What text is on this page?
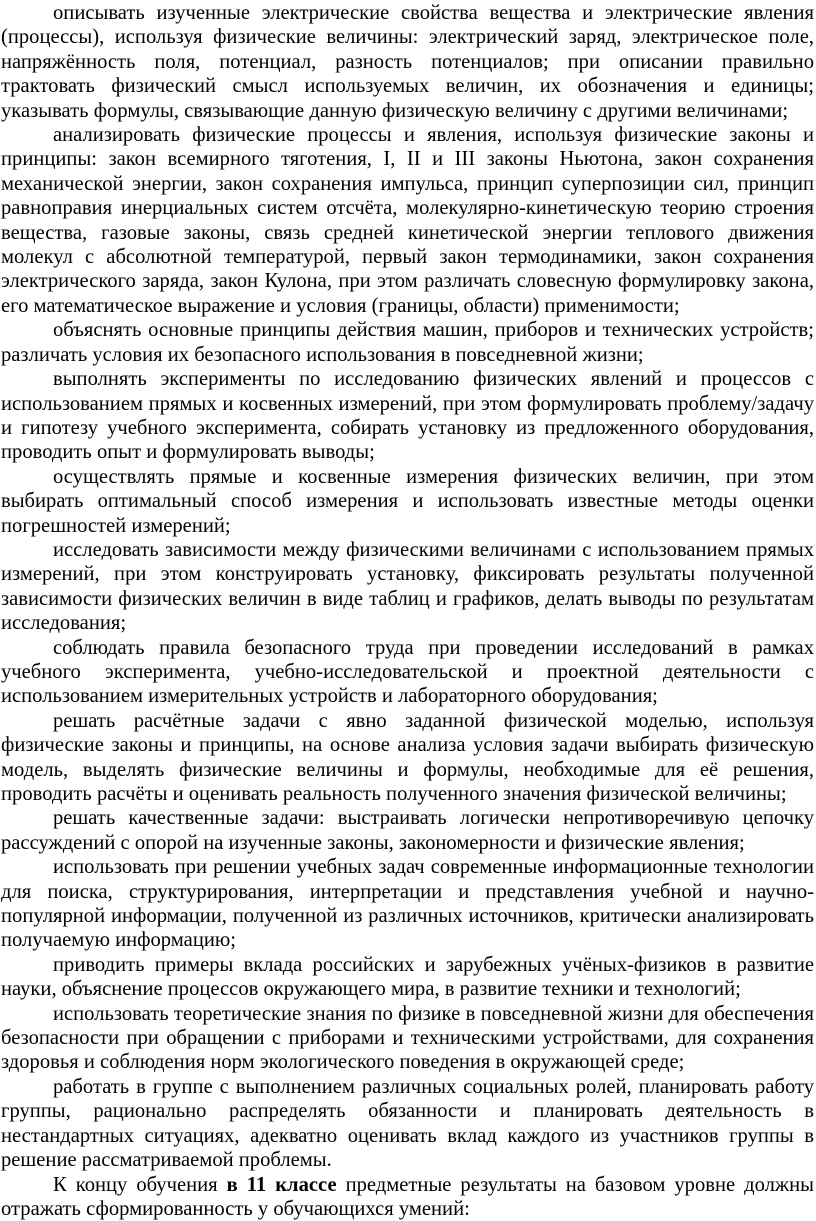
описывать изученные электрические свойства вещества и электрические явления (процессы), используя физические величины: электрический заряд, электрическое поле, напряжённость поля, потенциал, разность потенциалов; при описании правильно трактовать физический смысл используемых величин, их обозначения и единицы; указывать формулы, связывающие данную физическую величину с другими величинами;

анализировать физические процессы и явления, используя физические законы и принципы: закон всемирного тяготения, I, II и III законы Ньютона, закон сохранения механической энергии, закон сохранения импульса, принцип суперпозиции сил, принцип равноправия инерциальных систем отсчёта, молекулярно-кинетическую теорию строения вещества, газовые законы, связь средней кинетической энергии теплового движения молекул с абсолютной температурой, первый закон термодинамики, закон сохранения электрического заряда, закон Кулона, при этом различать словесную формулировку закона, его математическое выражение и условия (границы, области) применимости;

объяснять основные принципы действия машин, приборов и технических устройств; различать условия их безопасного использования в повседневной жизни;

выполнять эксперименты по исследованию физических явлений и процессов с использованием прямых и косвенных измерений, при этом формулировать проблему/задачу и гипотезу учебного эксперимента, собирать установку из предложенного оборудования, проводить опыт и формулировать выводы;

осуществлять прямые и косвенные измерения физических величин, при этом выбирать оптимальный способ измерения и использовать известные методы оценки погрешностей измерений;

исследовать зависимости между физическими величинами с использованием прямых измерений, при этом конструировать установку, фиксировать результаты полученной зависимости физических величин в виде таблиц и графиков, делать выводы по результатам исследования;

соблюдать правила безопасного труда при проведении исследований в рамках учебного эксперимента, учебно-исследовательской и проектной деятельности с использованием измерительных устройств и лабораторного оборудования;

решать расчётные задачи с явно заданной физической моделью, используя физические законы и принципы, на основе анализа условия задачи выбирать физическую модель, выделять физические величины и формулы, необходимые для её решения, проводить расчёты и оценивать реальность полученного значения физической величины;

решать качественные задачи: выстраивать логически непротиворечивую цепочку рассуждений с опорой на изученные законы, закономерности и физические явления;

использовать при решении учебных задач современные информационные технологии для поиска, структурирования, интерпретации и представления учебной и научно-популярной информации, полученной из различных источников, критически анализировать получаемую информацию;

приводить примеры вклада российских и зарубежных учёных-физиков в развитие науки, объяснение процессов окружающего мира, в развитие техники и технологий;

использовать теоретические знания по физике в повседневной жизни для обеспечения безопасности при обращении с приборами и техническими устройствами, для сохранения здоровья и соблюдения норм экологического поведения в окружающей среде;

работать в группе с выполнением различных социальных ролей, планировать работу группы, рационально распределять обязанности и планировать деятельность в нестандартных ситуациях, адекватно оценивать вклад каждого из участников группы в решение рассматриваемой проблемы.

К концу обучения в 11 классе предметные результаты на базовом уровне должны отражать сформированность у обучающихся умений:
